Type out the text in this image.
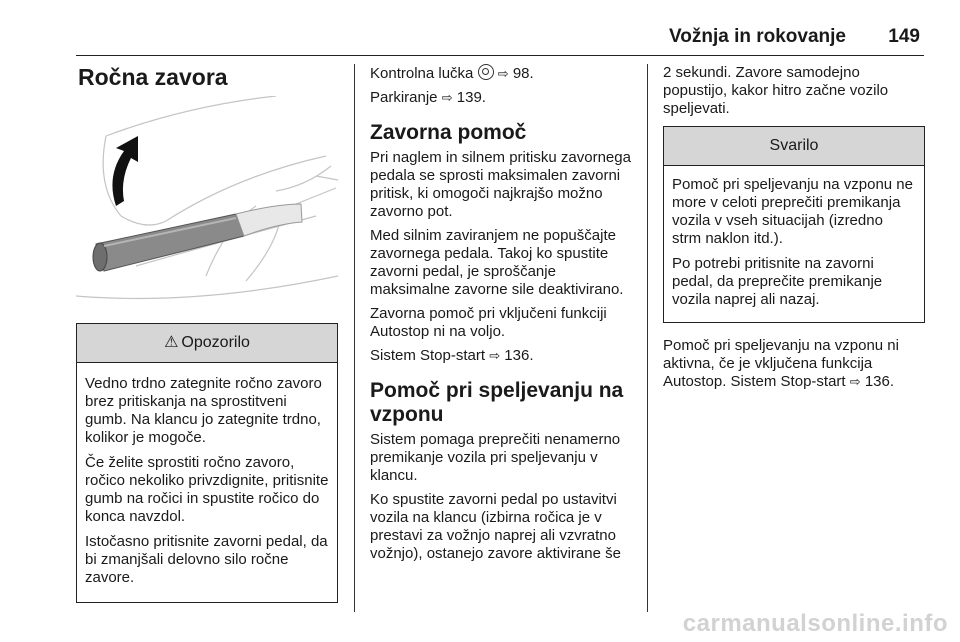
Vožnja in rokovanje 149
Ročna zavora
⚠ Opozorilo

Vedno trdno zategnite ročno zavoro brez pritiskanja na sprostitveni gumb. Na klancu jo zategnite trdno, kolikor je mogoče.

Če želite sprostiti ročno zavoro, ročico nekoliko privzdignite, pritisnite gumb na ročici in spustite ročico do konca navzdol.

Istočasno pritisnite zavorni pedal, da bi zmanjšali delovno silo ročne zavore.

Kontrolna lučka ⇨ 98.

Parkiranje ⇨ 139.

Zavorna pomoč

Pri naglem in silnem pritisku zavornega pedala se sprosti maksimalen zavorni pritisk, ki omogoči najkrajšo možno zavorno pot.

Med silnim zaviranjem ne popuščajte zavornega pedala. Takoj ko spustite zavorni pedal, je sproščanje maksimalne zavorne sile deaktivirano.

Zavorna pomoč pri vključeni funkciji Autostop ni na voljo.

Sistem Stop-start ⇨ 136.

Pomoč pri speljevanju na vzponu

Sistem pomaga preprečiti nenamerno premikanje vozila pri speljevanju v klancu.

Ko spustite zavorni pedal po ustavitvi vozila na klancu (izbirna ročica je v prestavi za vožnjo naprej ali vzvratno vožnjo), ostanejo zavore aktivirane še

2 sekundi. Zavore samodejno popustijo, kakor hitro začne vozilo speljevati.

Svarilo

Pomoč pri speljevanju na vzponu ne more v celoti preprečiti premikanja vozila v vseh situacijah (izredno strm naklon itd.).

Po potrebi pritisnite na zavorni pedal, da preprečite premikanje vozila naprej ali nazaj.

Pomoč pri speljevanju na vzponu ni aktivna, če je vključena funkcija Autostop. Sistem Stop-start ⇨ 136.

carmanualsonline.info
